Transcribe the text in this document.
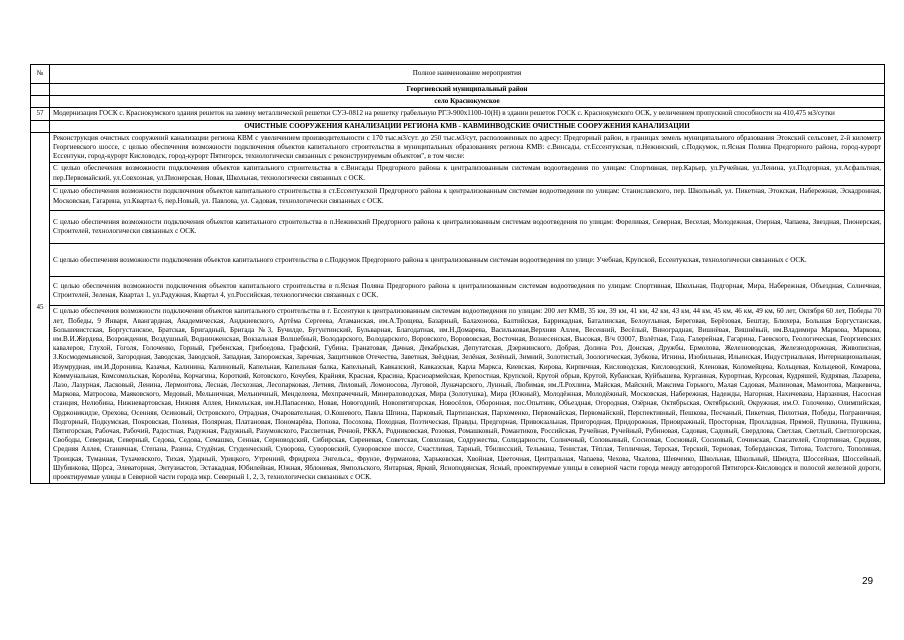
№	Полное наименование мероприятия
	Георгиевский муниципальный район
	село Краснокумское
57	Модернизация ГОСК с. Краснокумского здания решеток на замену металлической решетки СУЭ-0812 на решетку грабельную РГЭ-900х1100-10(Н) в здании решеток ГОСК с. Краснокумского ОСК, у величением пропускной способности на 410,475 м3/сутки
	ОЧИСТНЫЕ СООРУЖЕНИЯ КАНАЛИЗАЦИИ РЕГИОНА КМВ - КАВМИНВОДСКИЕ ОЧИСТНЫЕ СООРУЖЕНИЯ КАНАЛИЗАЦИИ
45	Реконструкция очистных сооружений канализации региона КВМ с увеличением производительности с 170 тыс.м3/сут. до 250 тыс.м3/сут, расположенных по адресу: Предгорный район, в границах земель муниципального образования Этокский сельсовет, 2-й километр Георгиевского шоссе, с целью обеспечения возможности подключения объектов капитального строительства в муниципальных образованиях региона КМВ: с.Винсады, ст.Ессентукская, п.Нежинский, с.Подкумок, п.Ясная Поляна Предгорного района, город-курорт Ессентуки, город-курорт Кисловодск, город-курорт Пятигорск, технологически связанных с реконструируемым объектом", в том числе:
	С целью обеспечения возможности подключения объектов капитального строительства в с.Винсады Предгорного района к централизованным системам водоотведения по улицам: Спортивная, пер.Карьер, ул.Ручейная, ул.Ленина, ул.Подгорная, ул.Асфальтная, пер.Первомайский, ул.Совхозная, ул.Пионерская, Новая, Школьная, технологически связанных с ОСК.
	С целью обеспечения возможности подключения объектов капитального строительства в ст.Ессентукской Предгорного района к централизованным системам водоотведения по улицам: Станиславского, пер. Школьный, ул. Пикетная, Этокская, Набережная, Эскадронная, Московская, Гагарина, ул.Квартал 6, пер.Новый, ул. Павлова, ул. Садовая, технологически связанных с ОСК.
	С целью обеспечения возможности подключения объектов капитального строительства в п.Нежинский Предгорного района к централизованным системам водоотведения по улицам: Фореливая, Северная, Веселая, Молодежная, Озерная, Чапаева, Звездная, Пионерская, Строителей, технологически связанных с ОСК.
	С целью обеспечения возможности подключения объектов капитального строительства в с.Подкумок Предгорного района к централизованным системам водоотведения по улице: Учебная, Крупской, Ессентукская, технологически связанных с ОСК.
	С целью обеспечения возможности подключения объектов капитального строительства в п.Ясная Поляна Предгорного района к централизованным системам водоотведения по улицам: Спортивная, Школьная, Подгорная, Мира, Набережная, Объездная, Солнечная, Строителей, Зеленая, Квартал 1, ул.Радужная, Квартал 4, ул.Российская, технологически связанных с ОСК.
	С целью обеспечения возможности подключения объектов капитального строительства в г. Ессентуки к централизованным системам водоотведения по улицам: 200 лет КМВ, 35 км, 39 км, 41 км, 42 км, 43 км, 44 км, 45 км, 46 км, 49 км, 60 лет, Октября 60 лет, Победы 70 лет, Победы, 9 Января, Авангардная, Академическая, Анджиевского, Артёма Сергеева, Атаманская, им.А.Трощева, Базарный, Балахонова, Балтийская, Баррикадная, Баталинская, Белоуглыная, Береговая, Берёзовая, Бештау, Блюхера, Большая Боргустанская, Большевистская, Боргустанское, Братская, Бригадный, Бригада №3, Бучилде, Бугунтинский, Бульварная, Благодатная, им.Н.Домарева, Васильковая,Верхняя Аллея, Весенний, Весёлый, Виноградная, Вишнёвая, Вишнёвый, им.Владимира Маркова, Маркова, им.В.И.Жердева, Возрождения, Воздушный, Воднинженская, Вокзальная Волшебный, Володарского, Володарского, Воровского, Ворововская, Восточная, Вознесенская, Высокая, В/ч 03007, Взлётная, Газа, Галерейная, Гагарина, Гаевского, Геологическая, Георгиевских кавалеров, Глухой, Гоголя, Голоченко, Горный, Гребенская, Грибоедова, Графский, Губина, Гранатовая, Дачная, Декабрьская, Депутатская, Дзержинского, Добрая, Долина Роз, Донская, Дружбы, Ермолова, Железноводская, Железнодорожная, Живописная, З.Космодемьянской, Загородная, Заводская, Заводской, Западная, Запорожская, Заречная, Защитников Отечества, Заветная, Звёздная, Зелёная, Зелёный, Зимний, Золотистый, Зоологическая, Зубкова, Игнина, Изобильная, Ильинская, Индустриальная, Интернациональная, Изумрудная, им.И.Доронина, Казачья, Калинина, Калиновый, Капельная, Капельная балка, Капельный, Кавказский, Кавказская, Карла Маркса, Киевская, Кирова, Кирпичная, Кисловодская, Кисловодский, Кленовая, Коломейцева, Кольцевая, Кольцевой, Комарова, Коммунальная, Комсомольская, Королёва, Корчагина, Короткий, Котовского, Кочубея, Крайняя, Красная, Красина, Красноармейская, Крепостная, Крупской, Крутой обрыв, Крутой, Кубанская, Куйбышева, Курганная, Курортная, Курсовая, Кудряшей, Кудрявая, Лазарева, Лазо, Лазурная, Ласковый, Ленина, Лермонтова, Лесная, Лесхозная, Лесопарковая, Летняя, Лиловый, Ломоносова, Луговой, Луначарского, Лунный, Любимая, им.Л.Рохлина, Майская, Майский, Максима Горького, Малая Садовая, Малиновая, Мамонтова, Мацкевича, Маркова, Матросова, Маяковского, Медовый, Мельничная, Мельничный, Менделеева, Мехпрачечный, Минераловодская, Мира (Золотушка), Мира (Южный), Молодёжная, Молодёжный, Московская, Набережная, Надежды, Нагорная, Нахичевана, Нарзанная, Насосная станция, Нелюбина, Нижневартовская, Нижняя Аллея, Никольская, им.Н.Папасенко, Новая, Новогодний, Новопятигорская, Новосёлов, Оборонная, пос.Опытник, Объездная, Огородная, Озёрная, Октябрьская, Октябрьский, Окружная, им.О. Голоченко, Олимпийская, Орджоникидзе, Орехова, Осенняя, Осиновый, Островского, Отрадная, Очаровательная, О.Кошевого, Павла Шпина, Парковый, Партизанская, Пархоменко, Первомайская, Первомайский, Перспективный, Пешкова, Песчаный, Пикетная, Пилотная, Победы, Пограничная, Подгорный, Подкумская, Покровская, Полевая, Полярная, Платановая, Пономарёва, Попова, Посохова, Походная, Поэтическая, Правды, Предгорная, Привокзальная, Пригородная, Придорожная, Приовражный, Просторная, Прохладная, Прямой, Пушкина, Пушкина, Пятигорская, Рабочая, Рабочий, Радостная, Радужная, Радужный, Разумовского, Рассветная, Речной, РККА, Родниковская, Розовая, Ромашковый, Романтиков, Российская, Ручейная, Ручейный, Рубиновая, Садовая, Садовый, Свердлова, Светлая, Светлый, Светлогорская, Свободы, Северная, Северный, Седова, Седова, Семашко, Сенная, Серноводский, Сибирская, Сиреневая, Советская, Совхозная, Содружества, Солидарности, Солнечный, Соловьиный, Сосновая, Сосновый, Сосновый, Сочинская, Спасателей, Спортивная, Средняя, Средняя Аллея, Станичная, Степана, Разина, Студёная, Студенческий, Суворова, Суворовский, Суворовское шоссе, Счастливая, Тарный, Тбилисский, Тельмана, Тенистая, Тёплая, Тепличная, Терская, Терский, Терновая, Тоберданская, Титова, Толстого, Тополиная, Троицкая, Туманная, Тухачевского, Тихая, Ударный, Урицкого, Утренний, Фридриха Энгельса,, Фрунзе, Фурманова, Харьковская, Хвойная, Цветочная, Центральная, Чапаева, Чехова, Чкалова, Шевченко, Школьная, Школьный, Шмидта, Шоссейная, Шоссейный, Шубинкова, Щорса, Элеваторная, Энтузиастов, Эстакадная, Юбилейная, Южная, Яблоневая, Ямпольского, Янтарная, Яркий, Ясноподянская, Ясный, проектируемые улицы в северной части города между автодорогой Пятигорск-Кисловодск и полосой железной дороги, проектируемые улицы в Северной части города мкр. Северный 1, 2, 3, технологически связанных с ОСК.
29
